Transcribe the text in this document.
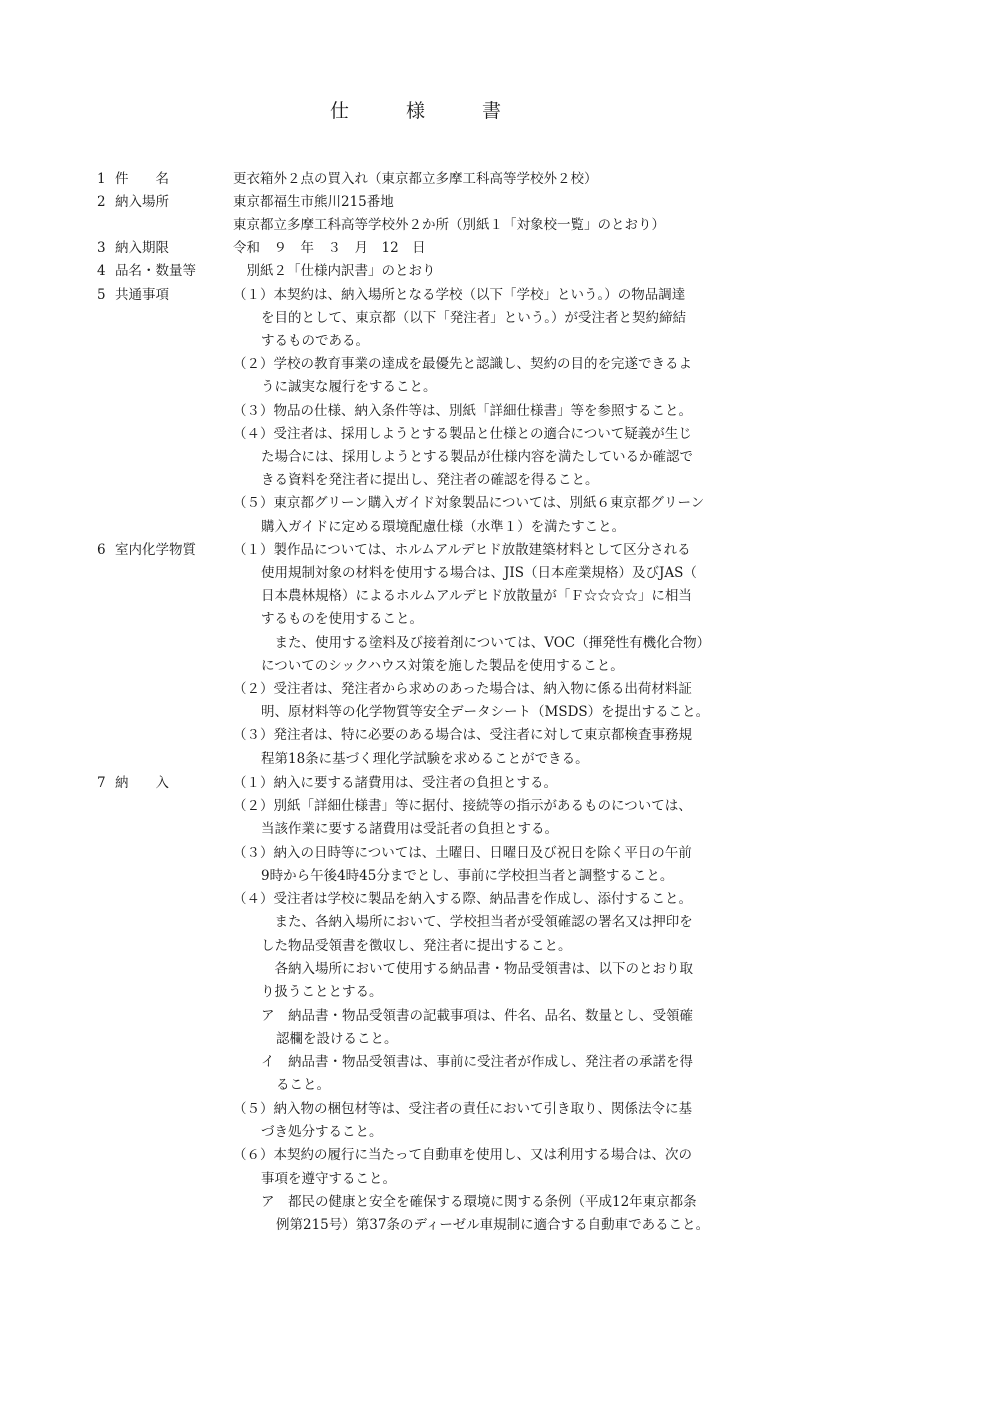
仕　　　様　　　書
1 件　　名
2 納入場所
3 納入期限
4 品名・数量等
5 共通事項
6 室内化学物質
7 納　　入
更衣箱外２点の買入れ（東京都立多摩工科高等学校外２校）
東京都福生市熊川215番地
東京都立多摩工科高等学校外２か所（別紙１「対象校一覧」のとおり）
令和　９　年　３　月　12　日
　別紙２「仕様内訳書」のとおり
（１）本契約は、納入場所となる学校（以下「学校」という。）の物品調達
を目的として、東京都（以下「発注者」という。）が受注者と契約締結
するものである。
（２）学校の教育事業の達成を最優先と認識し、契約の目的を完遂できるよ
うに誠実な履行をすること。
（３）物品の仕様、納入条件等は、別紙「詳細仕様書」等を参照すること。
（４）受注者は、採用しようとする製品と仕様との適合について疑義が生じ
た場合には、採用しようとする製品が仕様内容を満たしているか確認で
きる資料を発注者に提出し、発注者の確認を得ること。
（５）東京都グリーン購入ガイド対象製品については、別紙６東京都グリーン
購入ガイドに定める環境配慮仕様（水準１）を満たすこと。
（１）製作品については、ホルムアルデヒド放散建築材料として区分される
使用規制対象の材料を使用する場合は、JIS（日本産業規格）及びJAS（
日本農林規格）によるホルムアルデヒド放散量が「Ｆ☆☆☆☆」に相当
するものを使用すること。
　また、使用する塗料及び接着剤については、VOC（揮発性有機化合物）
についてのシックハウス対策を施した製品を使用すること。
（２）受注者は、発注者から求めのあった場合は、納入物に係る出荷材料証
明、原材料等の化学物質等安全データシート（MSDS）を提出すること。
（３）発注者は、特に必要のある場合は、受注者に対して東京都検査事務規
程第18条に基づく理化学試験を求めることができる。
（１）納入に要する諸費用は、受注者の負担とする。
（２）別紙「詳細仕様書」等に据付、接続等の指示があるものについては、
当該作業に要する諸費用は受託者の負担とする。
（３）納入の日時等については、土曜日、日曜日及び祝日を除く平日の午前
9時から午後4時45分までとし、事前に学校担当者と調整すること。
（４）受注者は学校に製品を納入する際、納品書を作成し、添付すること。
　また、各納入場所において、学校担当者が受領確認の署名又は押印を
した物品受領書を徴収し、発注者に提出すること。
　各納入場所において使用する納品書・物品受領書は、以下のとおり取
り扱うこととする。
ア　納品書・物品受領書の記載事項は、件名、品名、数量とし、受領確
認欄を設けること。
イ　納品書・物品受領書は、事前に受注者が作成し、発注者の承諾を得
ること。
（５）納入物の梱包材等は、受注者の責任において引き取り、関係法令に基
づき処分すること。
（６）本契約の履行に当たって自動車を使用し、又は利用する場合は、次の
事項を遵守すること。
ア　都民の健康と安全を確保する環境に関する条例（平成12年東京都条
例第215号）第37条のディーゼル車規制に適合する自動車であること。
